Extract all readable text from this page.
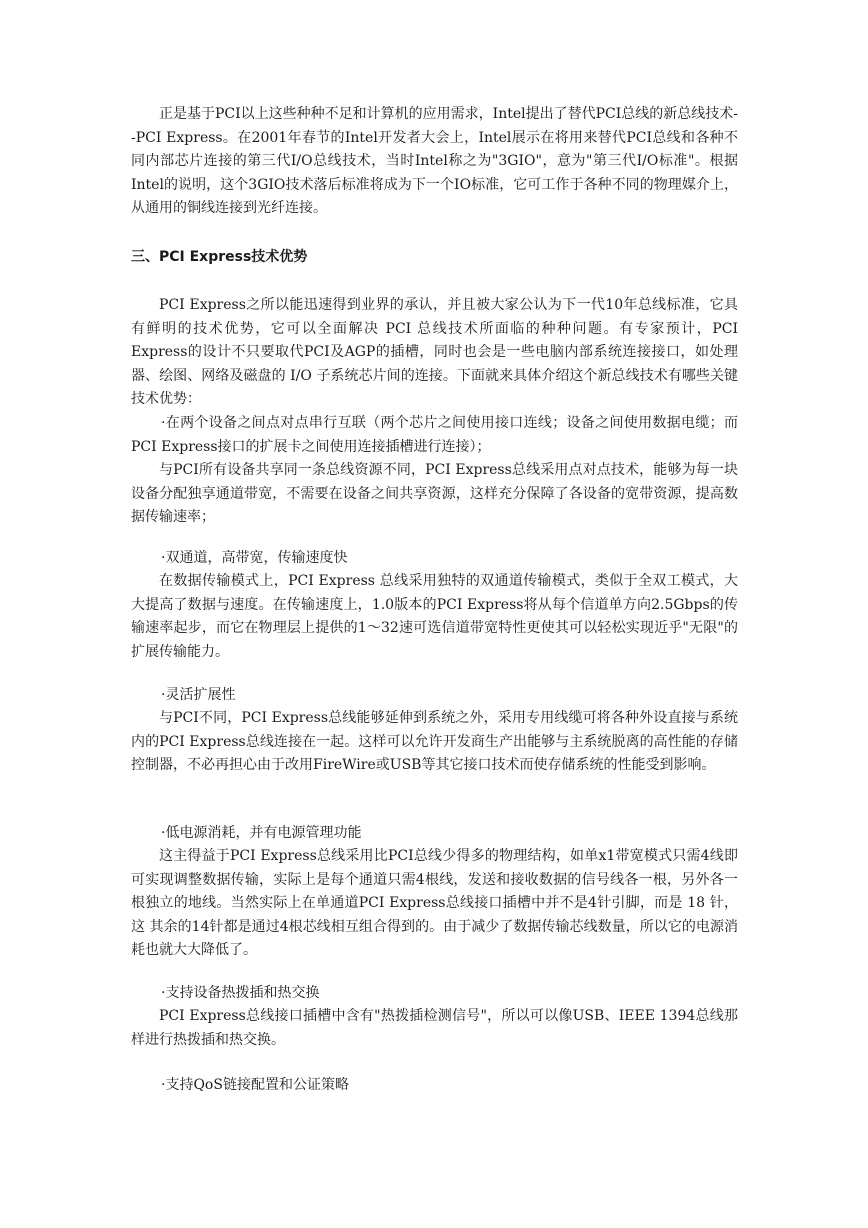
正是基于PCI以上这些种种不足和计算机的应用需求，Intel提出了替代PCI总线的新总线技术--PCI Express。在2001年春节的Intel开发者大会上，Intel展示在将用来替代PCI总线和各种不同内部芯片连接的第三代I/O总线技术，当时Intel称之为"3GIO"，意为"第三代I/O标准"。根据Intel的说明，这个3GIO技术落后标准将成为下一个IO标准，它可工作于各种不同的物理媒介上，从通用的铜线连接到光纤连接。

三、PCI Express技术优势

PCI Express之所以能迅速得到业界的承认，并且被大家公认为下一代10年总线标准，它具有鲜明的技术优势，它可以全面解决 PCI 总线技术所面临的种种问题。有专家预计，PCI Express的设计不只要取代PCI及AGP的插槽，同时也会是一些电脑内部系统连接接口，如处理器、绘图、网络及磁盘的 I/O 子系统芯片间的连接。下面就来具体介绍这个新总线技术有哪些关键技术优势：

·在两个设备之间点对点串行互联（两个芯片之间使用接口连线；设备之间使用数据电缆；而PCI Express接口的扩展卡之间使用连接插槽进行连接）；

与PCI所有设备共享同一条总线资源不同，PCI Express总线采用点对点技术，能够为每一块设备分配独享通道带宽，不需要在设备之间共享资源，这样充分保障了各设备的宽带资源，提高数据传输速率；

·双通道，高带宽，传输速度快

在数据传输模式上，PCI Express 总线采用独特的双通道传输模式，类似于全双工模式，大大提高了数据与速度。在传输速度上，1.0版本的PCI Express将从每个信道单方向2.5Gbps的传输速率起步，而它在物理层上提供的1～32速可选信道带宽特性更使其可以轻松实现近乎"无限"的扩展传输能力。

·灵活扩展性

与PCI不同，PCI Express总线能够延伸到系统之外，采用专用线缆可将各种外设直接与系统内的PCI Express总线连接在一起。这样可以允许开发商生产出能够与主系统脱离的高性能的存储控制器，不必再担心由于改用FireWire或USB等其它接口技术而使存储系统的性能受到影响。

·低电源消耗，并有电源管理功能

这主得益于PCI Express总线采用比PCI总线少得多的物理结构，如单x1带宽模式只需4线即可实现调整数据传输，实际上是每个通道只需4根线，发送和接收数据的信号线各一根，另外各一根独立的地线。当然实际上在单通道PCI Express总线接口插槽中并不是4针引脚，而是 18 针，这 其余的14针都是通过4根芯线相互组合得到的。由于减少了数据传输芯线数量，所以它的电源消耗也就大大降低了。

·支持设备热拨插和热交换

PCI Express总线接口插槽中含有"热拨插检测信号"，所以可以像USB、IEEE 1394总线那样进行热拨插和热交换。

·支持QoS链接配置和公证策略
